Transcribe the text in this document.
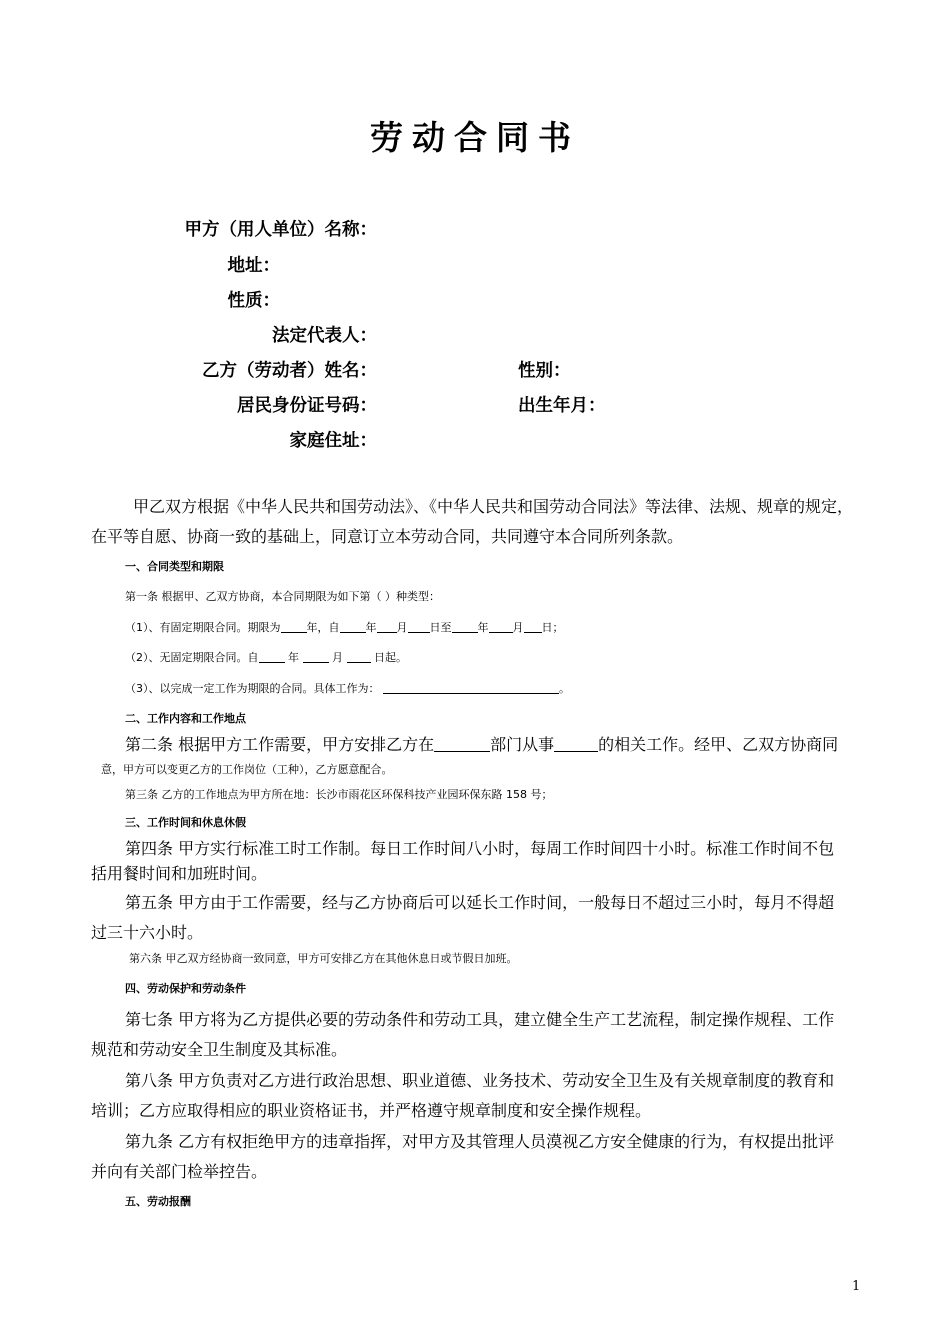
劳动合同书
甲方（用人单位）名称：
地址：
性质：
法定代表人：
乙方（劳动者）姓名：	性别：
居民身份证号码：	出生年月：
家庭住址：
甲乙双方根据《中华人民共和国劳动法》、《中华人民共和国劳动合同法》等法律、法规、规章的规定，
在平等自愿、协商一致的基础上，同意订立本劳动合同，共同遵守本合同所列条款。
一、合同类型和期限
第一条 根据甲、乙双方协商，本合同期限为如下第（ ）种类型：
（1）、有固定期限合同。期限为 年，自 年 月 日至 年 月 日；
（2）、无固定期限合同。自	年	月	日起。
（3）、以完成一定工作为期限的合同。具体工作为：	。
二、工作内容和工作地点
第二条 根据甲方工作需要，甲方安排乙方在	部门从事	的相关工作。经甲、乙双方协商同
意，甲方可以变更乙方的工作岗位（工种），乙方愿意配合。
第三条 乙方的工作地点为甲方所在地：长沙市雨花区环保科技产业园环保东路 158 号；
三、工作时间和休息休假
第四条 甲方实行标准工时工作制。每日工作时间八小时，每周工作时间四十小时。标准工作时间不包
括用餐时间和加班时间。
第五条 甲方由于工作需要，经与乙方协商后可以延长工作时间，一般每日不超过三小时，每月不得超
过三十六小时。
第六条 甲乙双方经协商一致同意，甲方可安排乙方在其他休息日或节假日加班。
四、劳动保护和劳动条件
第七条 甲方将为乙方提供必要的劳动条件和劳动工具，建立健全生产工艺流程，制定操作规程、工作
规范和劳动安全卫生制度及其标准。
第八条 甲方负责对乙方进行政治思想、职业道德、业务技术、劳动安全卫生及有关规章制度的教育和
培训；乙方应取得相应的职业资格证书，并严格遵守规章制度和安全操作规程。
第九条 乙方有权拒绝甲方的违章指挥，对甲方及其管理人员漠视乙方安全健康的行为，有权提出批评
并向有关部门检举控告。
五、劳动报酬
1
